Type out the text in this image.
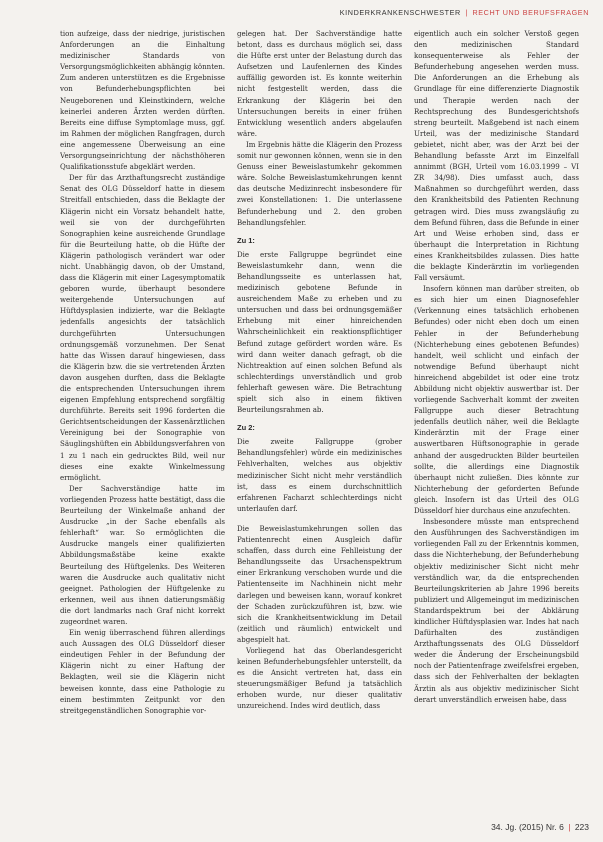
KINDERKRANKENSCHWESTER | RECHT UND BERUFSFRAGEN

tion aufzeige, dass der niedrige, juristischen Anforderungen an die Einhaltung medizinischer Standards von Versorgungsmöglichkeiten abhängig könnten. Zum anderen unterstützen es die Ergebnisse von Befunderhebungspflichten bei Neugeborenen und Kleinstkindern, welche keinerlei anderen Ärzten werden dürften. Bereits eine diffuse Symptomlage muss, ggf. im Rahmen der möglichen Rangfragen, durch eine angemessene Überweisung an eine Versorgungseinrichtung der nächsthöheren Qualifikationsstufe abgeklärt werden.

Der für das Arzthaftungsrecht zuständige Senat des OLG Düsseldorf hatte in diesem Streitfall entschieden, dass die Beklagte der Klägerin nicht ein Vorsatz behandelt hatte, weil sie von der durchgeführten Sonographien keine ausreichende Grundlage für die Beurteilung hatte, ob die Hüfte der Klägerin pathologisch verändert war oder nicht. Unabhängig davon, ob der Umstand, dass die Klägerin mit einer Lagesymptomatik geboren wurde, überhaupt besondere weitergehende Untersuchungen auf Hüftdysplasien indizierte, war die Beklagte jedenfalls angesichts der tatsächlich durchgeführten Untersuchungen ordnungsgemäß vorzunehmen. Der Senat hatte das Wissen darauf hingewiesen, dass die Klägerin bzw. die sie vertretenden Ärzten davon ausgehen durften, dass die Beklagte die entsprechenden Untersuchungen ihrem eigenen Empfehlung entsprechend sorgfältig durchführte. Bereits seit 1996 forderten die Gerichtsentscheidungen der Kassenärztlichen Vereinigung bei der Sonographie von Säuglingshüften ein Abbildungsverfahren von 1 zu 1 nach ein gedrucktes Bild, weil nur dieses eine exakte Winkelmessung ermöglicht.

Der Sachverständige hatte im vorliegenden Prozess hatte bestätigt, dass die Beurteilung der Winkelmaße anhand der Ausdrucke „in der Sache ebenfalls als fehlerhaft“ war. So ermöglichten die Ausdrucke mangels einer qualifizierten Abbildungsmaßstäbe keine exakte Beurteilung des Hüftgelenks. Des Weiteren waren die Ausdrucke auch qualitativ nicht geeignet. Pathologien der Hüftgelenke zu erkennen, weil aus ihnen datierungsmäßig die dort landmarks nach Graf nicht korrekt zugeordnet waren.

Ein wenig überraschend führen allerdings auch Aussagen des OLG Düsseldorf dieser eindeutigen Fehler in der Befundung der Klägerin nicht zu einer Haftung der Beklagten, weil sie die Klägerin nicht beweisen konnte, dass eine Pathologie zu einem bestimmten Zeitpunkt vor den streitgegenständlichen Sonographie vor-

gelegen hat. Der Sachverständige hatte betont, dass es durchaus möglich sei, dass die Hüfte erst unter der Belastung durch das Aufsetzen und Laufenlernen des Kindes auffällig geworden ist. Es konnte weiterhin nicht festgestellt werden, dass die Erkrankung der Klägerin bei den Untersuchungen bereits in einer frühen Entwicklung wesentlich anders abgelaufen wäre.

Im Ergebnis hätte die Klägerin den Prozess somit nur gewonnen können, wenn sie in den Genuss einer Beweislastumkehr gekommen wäre. Solche Beweislastumkehrungen kennt das deutsche Medizinrecht insbesondere für zwei Konstellationen: 1. Die unterlassene Befunderhebung und 2. den groben Behandlungsfehler.

Zu 1:

Die erste Fallgruppe begründet eine Beweislastumkehr dann, wenn die Behandlungsseite es unterlassen hat, medizinisch gebotene Befunde in ausreichendem Maße zu erheben und zu untersuchen und dass bei ordnungsgemäßer Erhebung mit einer hinreichenden Wahrscheinlichkeit ein reaktionspflichtiger Befund zutage gefördert worden wäre. Es wird dann weiter danach gefragt, ob die Nichtreaktion auf einen solchen Befund als schlechterdings unverständlich und grob fehlerhaft gewesen wäre. Die Betrachtung spielt sich also in einem fiktiven Beurteilungsrahmen ab.

Zu 2:

Die zweite Fallgruppe (grober Behandlungsfehler) würde ein medizinisches Fehlverhalten, welches aus objektiv medizinischer Sicht nicht mehr verständlich ist, dass es einem durchschnittlich erfahrenen Facharzt schlechterdings nicht unterlaufen darf.

Die Beweislastumkehrungen sollen das Patientenrecht einen Ausgleich dafür schaffen, dass durch eine Fehlleistung der Behandlungsseite das Ursachenspektrum einer Erkrankung verschoben wurde und die Patientenseite im Nachhinein nicht mehr darlegen und beweisen kann, worauf konkret der Schaden zurückzuführen ist, bzw. wie sich die Krankheitsentwicklung im Detail (zeitlich und räumlich) entwickelt und abgespielt hat.

Vorliegend hat das Oberlandesgericht keinen Befunderhebungsfehler unterstellt, da es die Ansicht vertreten hat, dass ein steuerungsmäßiger Befund ja tatsächlich erhoben wurde, nur dieser qualitativ unzureichend. Indes wird deutlich, dass

eigentlich auch ein solcher Verstoß gegen den medizinischen Standard konsequenterweise als Fehler der Befunderhebung angesehen werden muss. Die Anforderungen an die Erhebung als Grundlage für eine differenzierte Diagnostik und Therapie werden nach der Rechtsprechung des Bundesgerichtshofs streng beurteilt. Maßgebend ist nach einem Urteil, was der medizinische Standard gebietet, nicht aber, was der Arzt bei der Behandlung befasste Arzt im Einzelfall annimmt (BGH, Urteil vom 16.03.1999 – VI ZR 34/98). Dies umfasst auch, dass Maßnahmen so durchgeführt werden, dass den Krankheitsbild des Patienten Rechnung getragen wird. Dies muss zwangsläufig zu dem Befund führen, dass die Befunde in einer Art und Weise erhoben sind, dass er überhaupt die Interpretation in Richtung eines Krankheitsbildes zulassen. Dies hatte die beklagte Kinderärztin im vorliegenden Fall versäumt.

Insofern können man darüber streiten, ob es sich hier um einen Diagnosefehler (Verkennung eines tatsächlich erhobenen Befundes) oder nicht eben doch um einen Fehler in der Befunderhebung (Nichterhebung eines gebotenen Befundes) handelt, weil schlicht und einfach der notwendige Befund überhaupt nicht hinreichend abgebildet ist oder eine trotz Abbildung nicht objektiv auswertbar ist. Der vorliegende Sachverhalt kommt der zweiten Fallgruppe auch dieser Betrachtung jedenfalls deutlich näher, weil die Beklagte Kinderärztin mit der Frage einer auswertbaren Hüftsonographie in gerade anhand der ausgedruckten Bilder beurteilen sollte, die allerdings eine Diagnostik überhaupt nicht zuließen. Dies könnte zur Nichterhebung der geforderten Befunde gleich. Insofern ist das Urteil des OLG Düsseldorf hier durchaus eine anzufechten.

Insbesondere müsste man entsprechend den Ausführungen des Sachverständigen im vorliegenden Fall zu der Erkenntnis kommen, dass die Nichterhebung, der Befunderhebung objektiv medizinischer Sicht nicht mehr verständlich war, da die entsprechenden Beurteilungskriterien ab Jahre 1996 bereits publiziert und Allgemeingut im medizinischen Standardspektrum bei der Abklärung kindlicher Hüftdysplasien war. Indes hat nach Dafürhalten des zuständigen Arzthaftungssenats des OLG Düsseldorf weder die Änderung der Erscheinungsbild noch der Patientenfrage zweifelsfrei ergeben, dass sich der Fehlverhalten der beklagten Ärztin als aus objektiv medizinischer Sicht derart unverständlich erweisen habe, dass

34. Jg. (2015) Nr. 6 | 223
